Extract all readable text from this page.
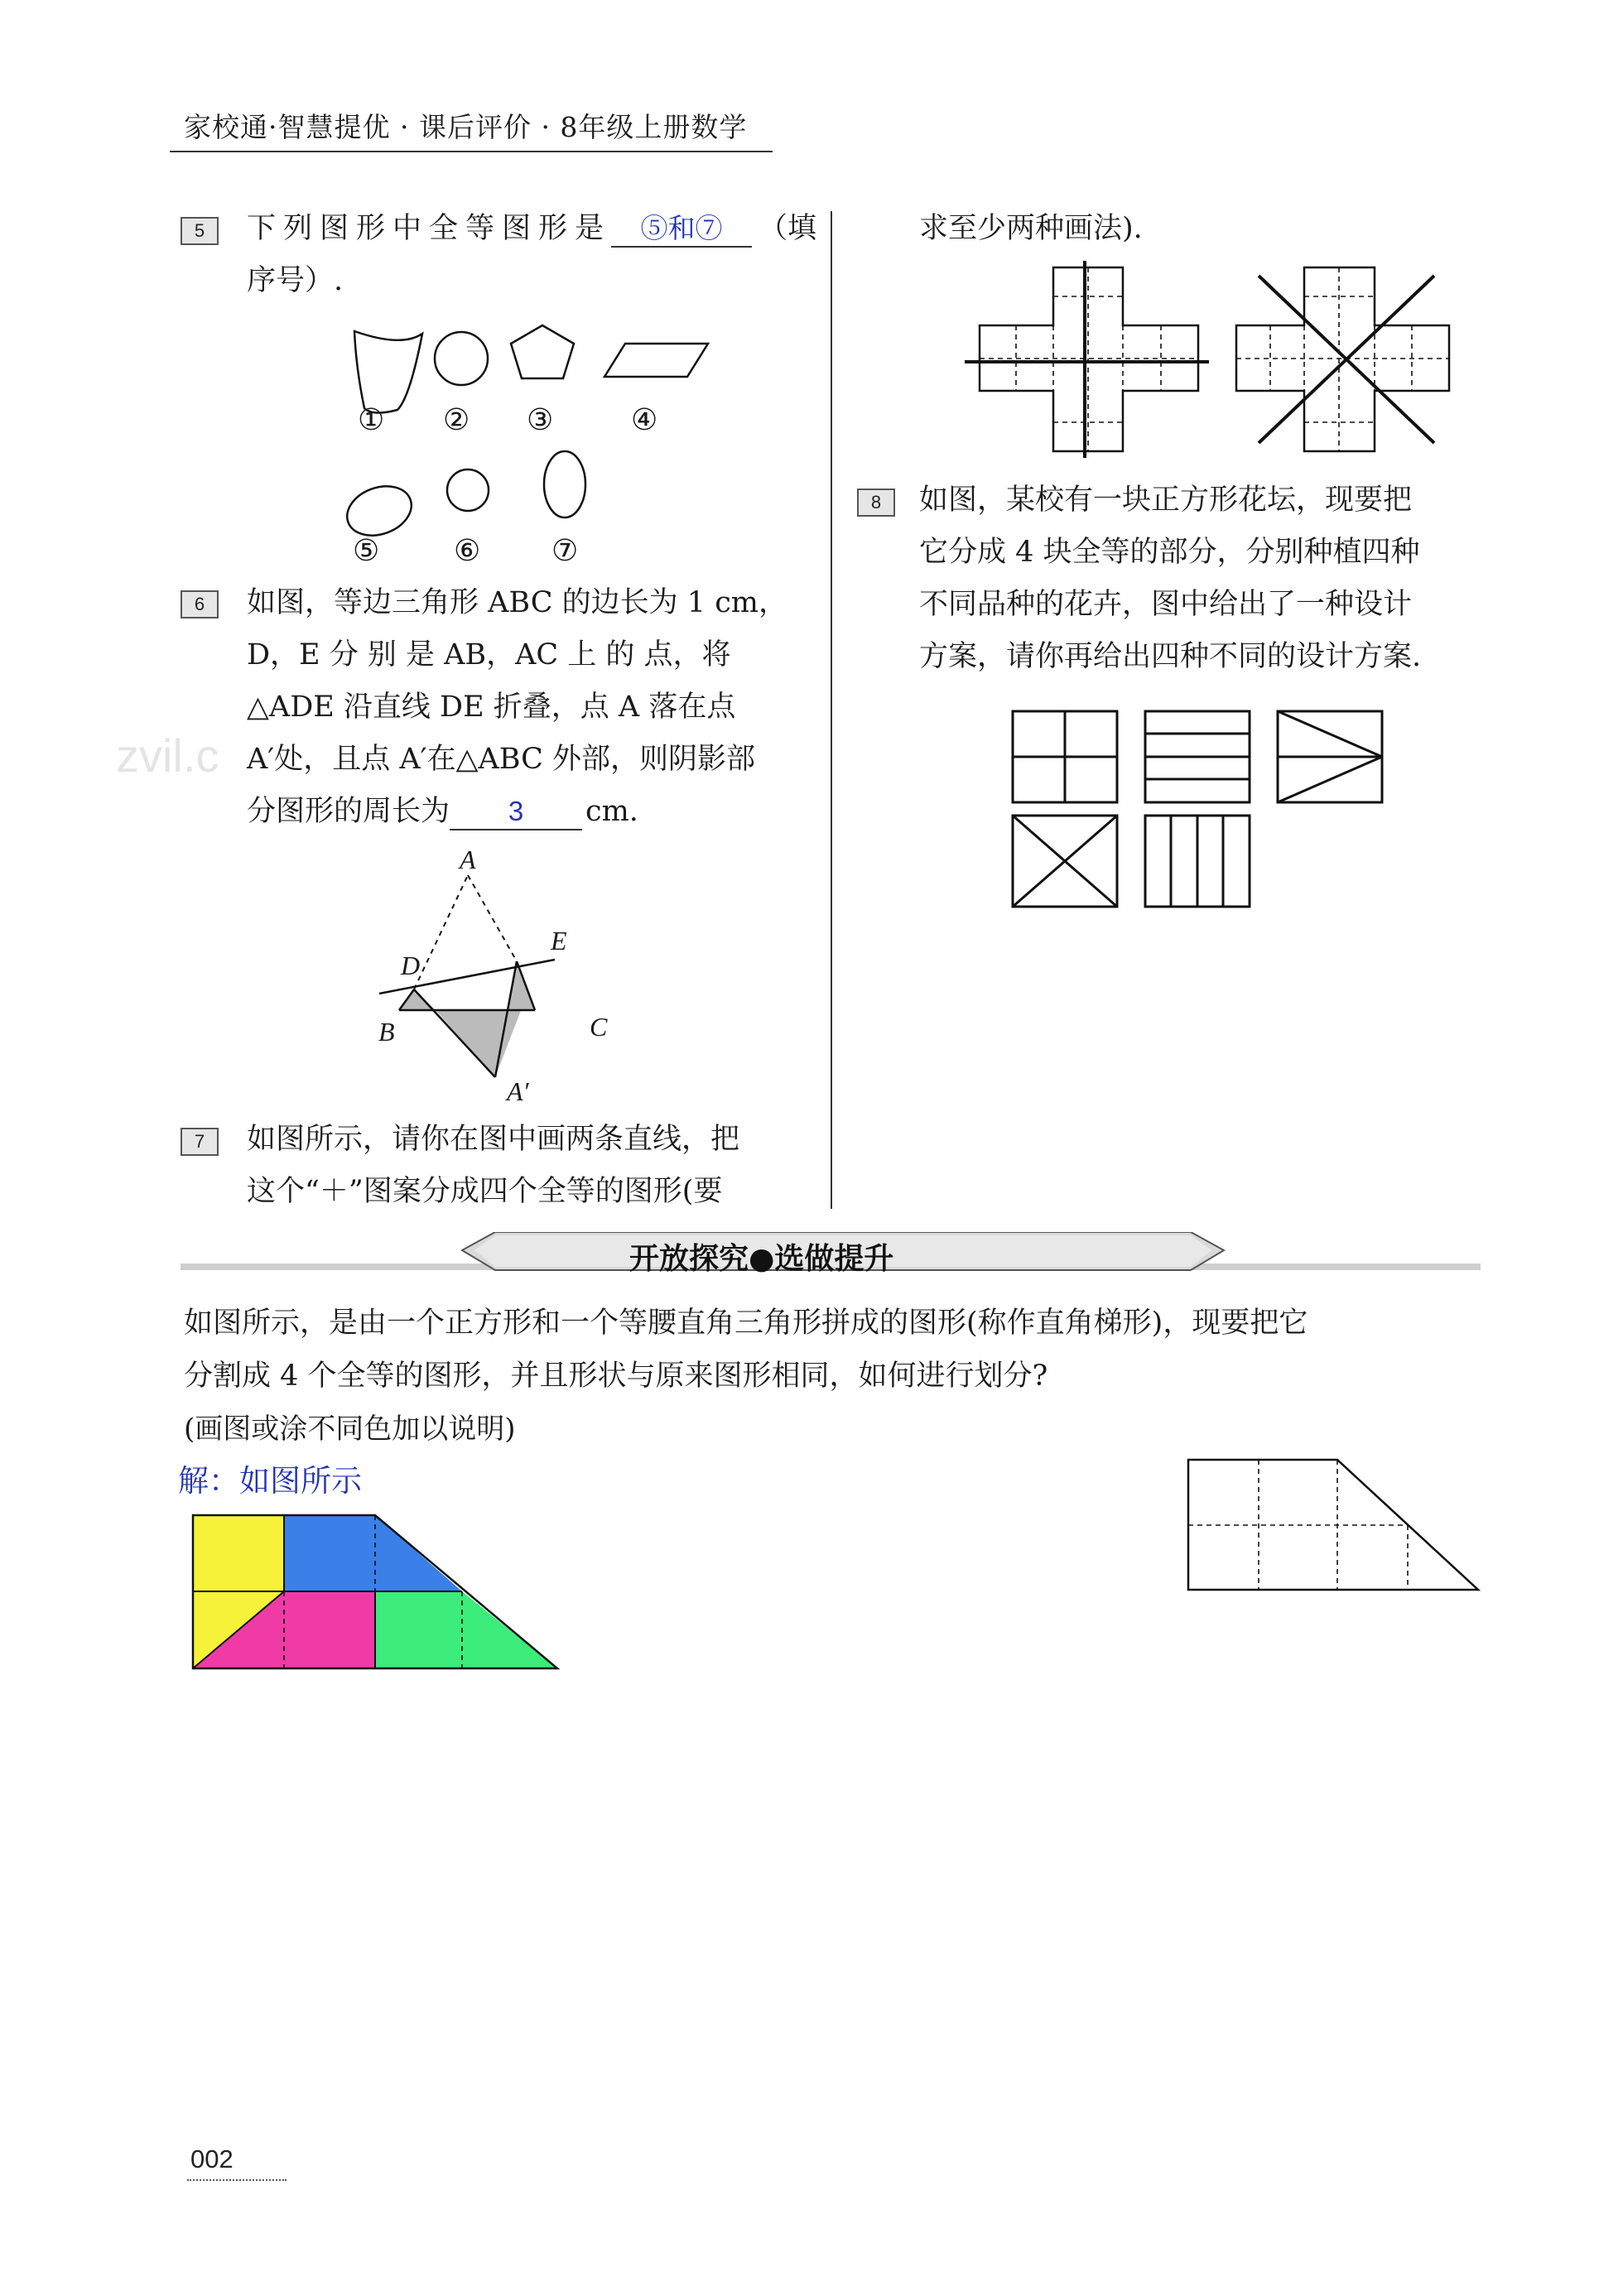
家校通·智慧提优 · 课后评价 · 8年级上册数学
zvil.c
5	下列图形中全等图形是 ⑤和⑦ （填
序号）.
① ② ③	④
⑤ ⑥ ⑦
6	如图，等边三角形 ABC 的边长为 1 cm，
D，E 分 别 是 AB，AC 上 的 点，将
△ADE 沿直线 DE 折叠，点 A 落在点
A′处，且点 A′在△ABC 外部，则阴影部
分图形的周长为 3 cm.
A
D
E
B	C
A′
7	如图所示，请你在图中画两条直线，把
这个“＋”图案分成四个全等的图形(要
求至少两种画法).
8	如图，某校有一块正方形花坛，现要把
它分成 4 块全等的部分，分别种植四种
不同品种的花卉，图中给出了一种设计
方案，请你再给出四种不同的设计方案.
开放探究●选做提升
如图所示，是由一个正方形和一个等腰直角三角形拼成的图形(称作直角梯形)，现要把它
分割成 4 个全等的图形，并且形状与原来图形相同，如何进行划分?
(画图或涂不同色加以说明)
解：如图所示
002
